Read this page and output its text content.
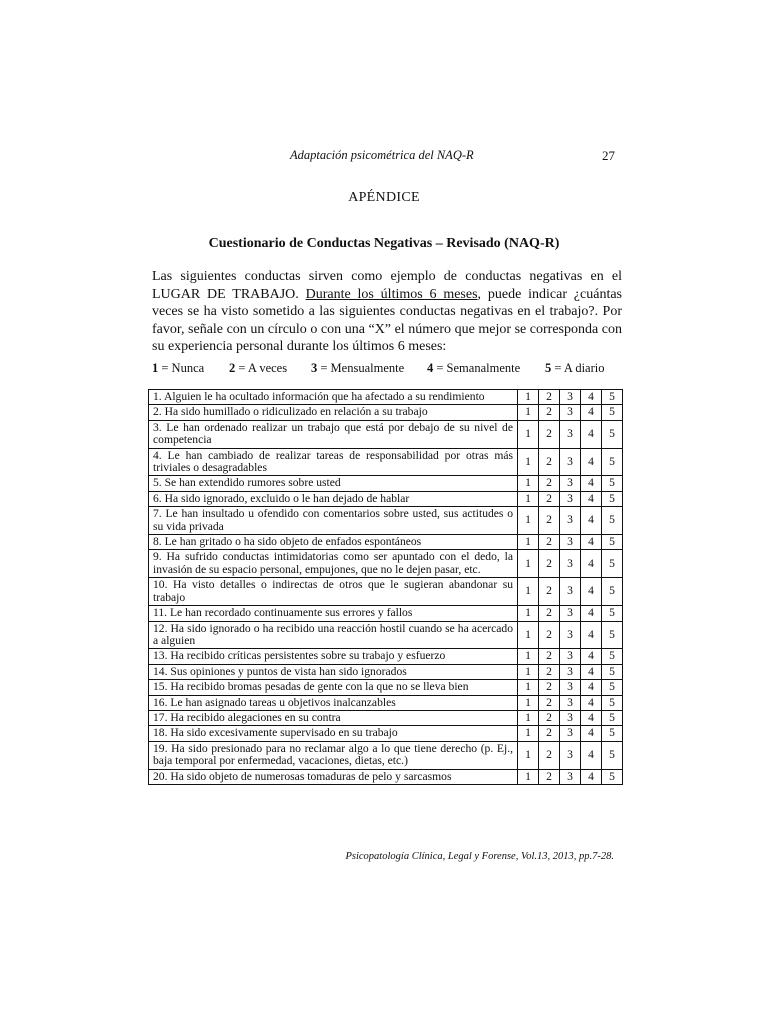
Adaptación psicométrica del NAQ-R	27
APÉNDICE
Cuestionario de Conductas Negativas – Revisado (NAQ-R)
Las siguientes conductas sirven como ejemplo de conductas negativas en el LUGAR DE TRABAJO. Durante los últimos 6 meses, puede indicar ¿cuántas veces se ha visto sometido a las siguientes conductas negativas en el trabajo?. Por favor, señale con un círculo o con una “X” el número que mejor se corresponda con su experiencia personal durante los últimos 6 meses:
1 = Nunca 2 = A veces 3 = Mensualmente 4 = Semanalmente 5 = A diario
1. Alguien le ha ocultado información que ha afectado a su rendimiento	1	2	3	4	5
2. Ha sido humillado o ridiculizado en relación a su trabajo	1	2	3	4	5
3. Le han ordenado realizar un trabajo que está por debajo de su nivel de competencia	1	2	3	4	5
4. Le han cambiado de realizar tareas de responsabilidad por otras más triviales o desagradables	1	2	3	4	5
5. Se han extendido rumores sobre usted	1	2	3	4	5
6. Ha sido ignorado, excluido o le han dejado de hablar	1	2	3	4	5
7. Le han insultado u ofendido con comentarios sobre usted, sus actitudes o su vida privada	1	2	3	4	5
8. Le han gritado o ha sido objeto de enfados espontáneos	1	2	3	4	5
9. Ha sufrido conductas intimidatorias como ser apuntado con el dedo, la invasión de su espacio personal, empujones, que no le dejen pasar, etc.	1	2	3	4	5
10. Ha visto detalles o indirectas de otros que le sugieran abandonar su trabajo	1	2	3	4	5
11. Le han recordado continuamente sus errores y fallos	1	2	3	4	5
12. Ha sido ignorado o ha recibido una reacción hostil cuando se ha acercado a alguien	1	2	3	4	5
13. Ha recibido críticas persistentes sobre su trabajo y esfuerzo	1	2	3	4	5
14. Sus opiniones y puntos de vista han sido ignorados	1	2	3	4	5
15. Ha recibido bromas pesadas de gente con la que no se lleva bien	1	2	3	4	5
16. Le han asignado tareas u objetivos inalcanzables	1	2	3	4	5
17. Ha recibido alegaciones en su contra	1	2	3	4	5
18. Ha sido excesivamente supervisado en su trabajo	1	2	3	4	5
19. Ha sido presionado para no reclamar algo a lo que tiene derecho (p. Ej., baja temporal por enfermedad, vacaciones, dietas, etc.)	1	2	3	4	5
20. Ha sido objeto de numerosas tomaduras de pelo y sarcasmos	1	2	3	4	5
Psicopatología Clínica, Legal y Forense, Vol.13, 2013, pp.7-28.
